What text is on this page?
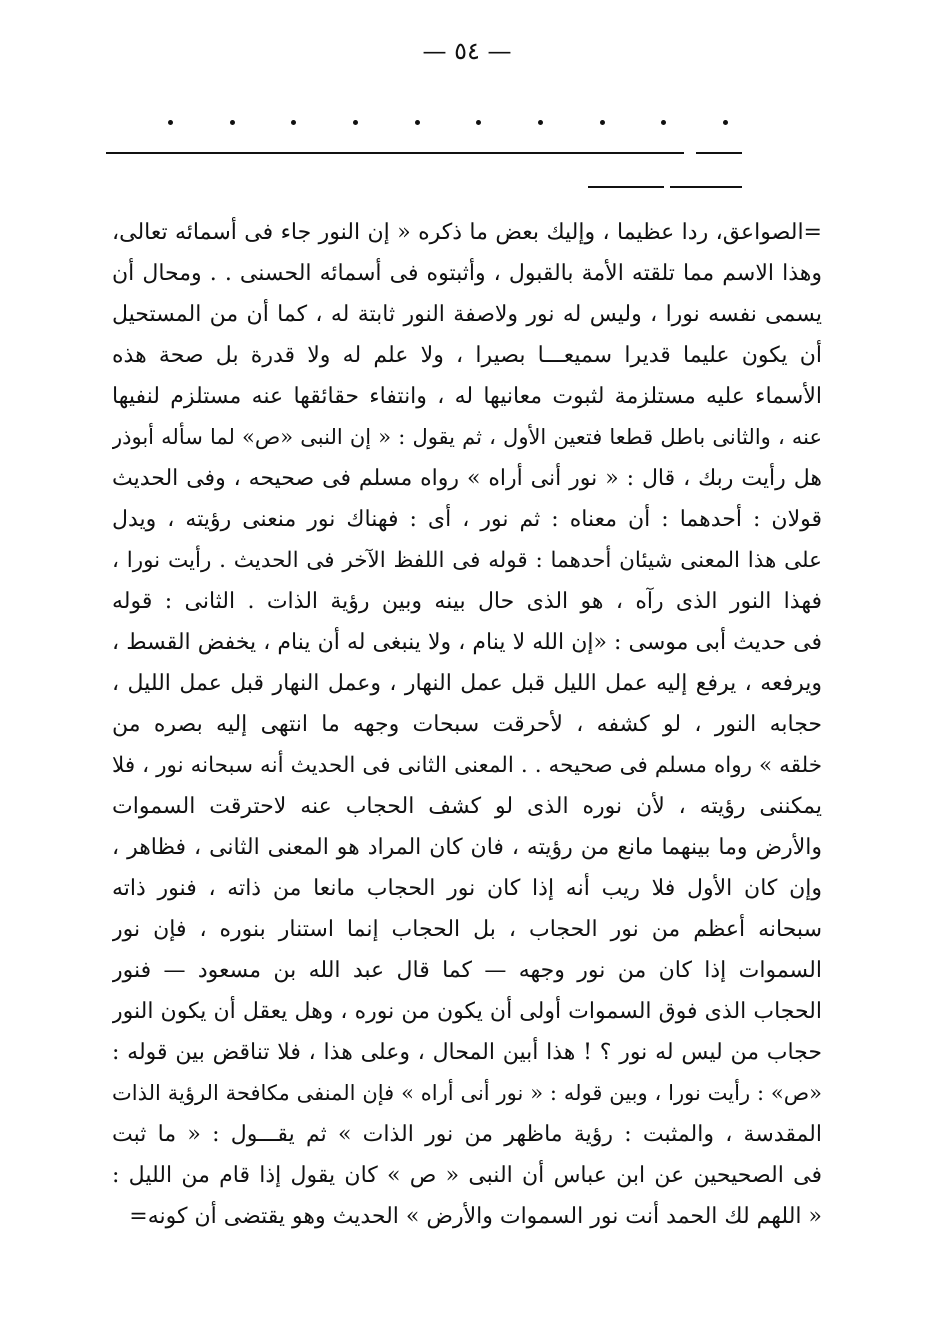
— ٥٤ —
=الصواعق، ردا عظيما ، وإليك بعض ما ذكره « إن النور جاء فى أسمائه تعالى،
وهذا الاسم مما تلقته الأمة بالقبول ، وأثبتوه فى أسمائه الحسنى . . ومحال أن
يسمى نفسه نورا ، وليس له نور ولاصفة النور ثابتة له ، كما أن من المستحيل
أن يكون عليما قديرا سميعـــا بصيرا ، ولا علم له ولا قدرة بل صحة هذه
الأسماء عليه مستلزمة لثبوت معانيها له ، وانتفاء حقائقها عنه مستلزم لنفيها
عنه ، والثانى باطل قطعا فتعين الأول ، ثم يقول : « إن النبى «ص» لما سأله أبوذر
هل رأيت ربك ، قال : « نور أنى أراه » رواه مسلم فى صحيحه ، وفى الحديث
قولان : أحدهما : أن معناه : ثم نور ، أى : فهناك نور منعنى رؤيته ، ويدل
على هذا المعنى شيئان أحدهما : قوله فى اللفظ الآخر فى الحديث . رأيت نورا ،
فهذا النور الذى رآه ، هو الذى حال بينه وبين رؤية الذات . الثانى : قوله
فى حديث أبى موسى : «إن الله لا ينام ، ولا ينبغى له أن ينام ، يخفض القسط ،
ويرفعه ، يرفع إليه عمل الليل قبل عمل النهار ، وعمل النهار قبل عمل الليل ،
حجابه النور ، لو كشفه ، لأحرقت سبحات وجهه ما انتهى إليه بصره من
خلقه » رواه مسلم فى صحيحه . . المعنى الثانى فى الحديث أنه سبحانه نور ، فلا
يمكننى رؤيته ، لأن نوره الذى لو كشف الحجاب عنه لاحترقت السموات
والأرض وما بينهما مانع من رؤيته ، فان كان المراد هو المعنى الثانى ، فظاهر ،
وإن كان الأول فلا ريب أنه إذا كان نور الحجاب مانعا من ذاته ، فنور ذاته
سبحانه أعظم من نور الحجاب ، بل الحجاب إنما استنار بنوره ، فإن نور
السموات إذا كان من نور وجهه — كما قال عبد الله بن مسعود — فنور
الحجاب الذى فوق السموات أولى أن يكون من نوره ، وهل يعقل أن يكون النور
حجاب من ليس له نور ؟ ! هذا أبين المحال ، وعلى هذا ، فلا تناقض بين قوله :
«ص» : رأيت نورا ، وبين قوله : « نور أنى أراه » فإن المنفى مكافحة الرؤية الذات
المقدسة ، والمثبت : رؤية ماظهر من نور الذات » ثم يقـــول : « ما ثبت
فى الصحيحين عن ابن عباس أن النبى « ص » كان يقول إذا قام من الليل :
« اللهم لك الحمد أنت نور السموات والأرض » الحديث وهو يقتضى أن كونه=
